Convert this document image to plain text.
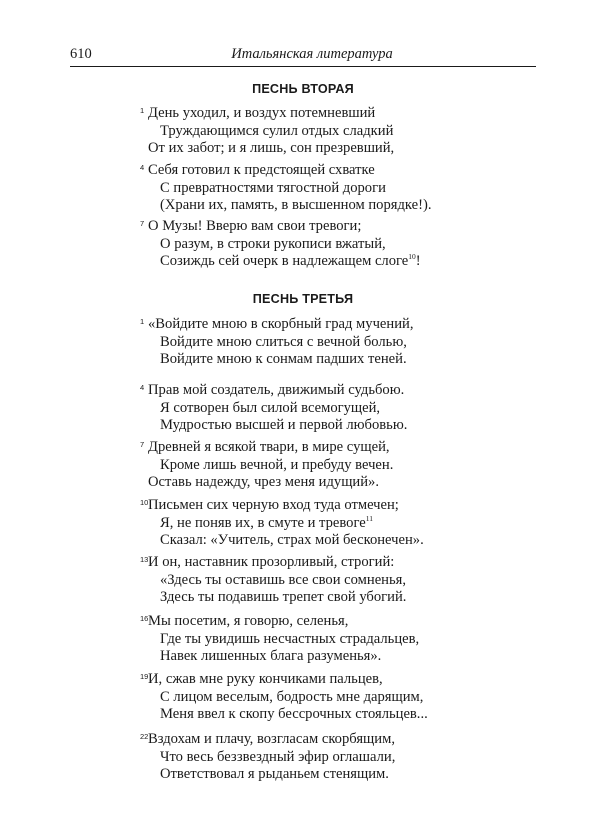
610	Итальянская литература
ПЕСНЬ ВТОРАЯ
1 День уходил, и воздух потемневший
Труждающимся сулил отдых сладкий
От их забот; и я лишь, сон презревший,
4 Себя готовил к предстоящей схватке
С превратностями тягостной дороги
(Храни их, память, в высшенном порядке!).
7 О Музы! Вверю вам свои тревоги;
О разум, в строки рукописи вжатый,
Созиждь сей очерк в надлежащем слоге$^{10}$!
ПЕСНЬ ТРЕТЬЯ
1 «Войдите мною в скорбный град мучений,
Войдите мною слиться с вечной болью,
Войдите мною к сонмам падших теней.
4 Прав мой создатель, движимый судьбою.
Я сотворен был силой всемогущей,
Мудростью высшей и первой любовью.
7 Древней я всякой твари, в мире сущей,
Кроме лишь вечной, и пребуду вечен.
Оставь надежду, чрез меня идущий».
10 Письмен сих черную вход туда отмечен;
Я, не поняв их, в смуте и тревоге$^{11}$
Сказал: «Учитель, страх мой бесконечен».
13 И он, наставник прозорливый, строгий:
«Здесь ты оставишь все свои сомненья,
Здесь ты подавишь трепет свой убогий.
16 Мы посетим, я говорю, селенья,
Где ты увидишь несчастных страдальцев,
Навек лишенных блага разуменья».
19 И, сжав мне руку кончиками пальцев,
С лицом веселым, бодрость мне дарящим,
Меня ввел к скопу бессрочных стояльцев...
22 Вздохам и плачу, возгласам скорбящим,
Что весь беззвездный эфир оглашали,
Ответствовал я рыданьем стенящим.
